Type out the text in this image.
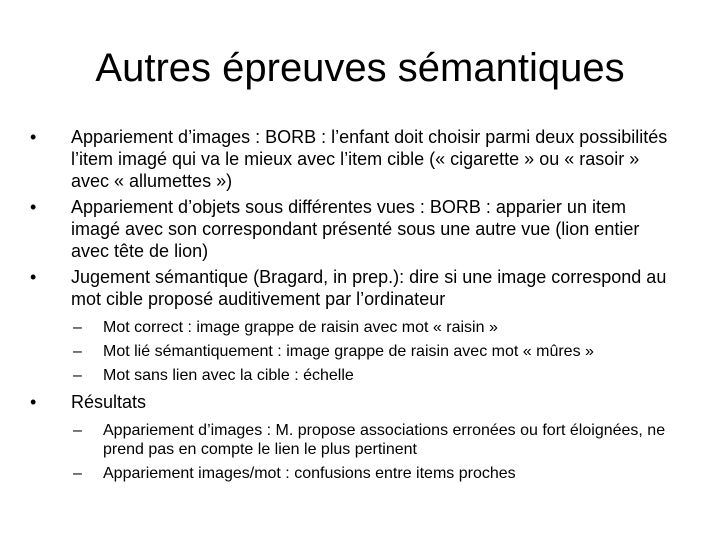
Autres épreuves sémantiques
•	Appariement d’images : BORB : l’enfant doit choisir parmi deux possibilités l’item imagé qui va le mieux avec l’item cible (« cigarette » ou « rasoir » avec « allumettes »)
•	Appariement d’objets sous différentes vues : BORB : apparier un item imagé avec son correspondant présenté sous une autre vue (lion entier avec tête de lion)
•	Jugement sémantique (Bragard, in prep.): dire si une image correspond au mot cible proposé auditivement par l’ordinateur
–	Mot correct : image grappe de raisin avec mot « raisin »
–	Mot lié sémantiquement : image grappe de raisin avec mot « mûres »
–	Mot sans lien avec la cible : échelle
•	Résultats
–	Appariement d’images : M. propose associations erronées ou fort éloignées, ne prend pas en compte le lien le plus pertinent
–	Appariement images/mot : confusions entre items proches
